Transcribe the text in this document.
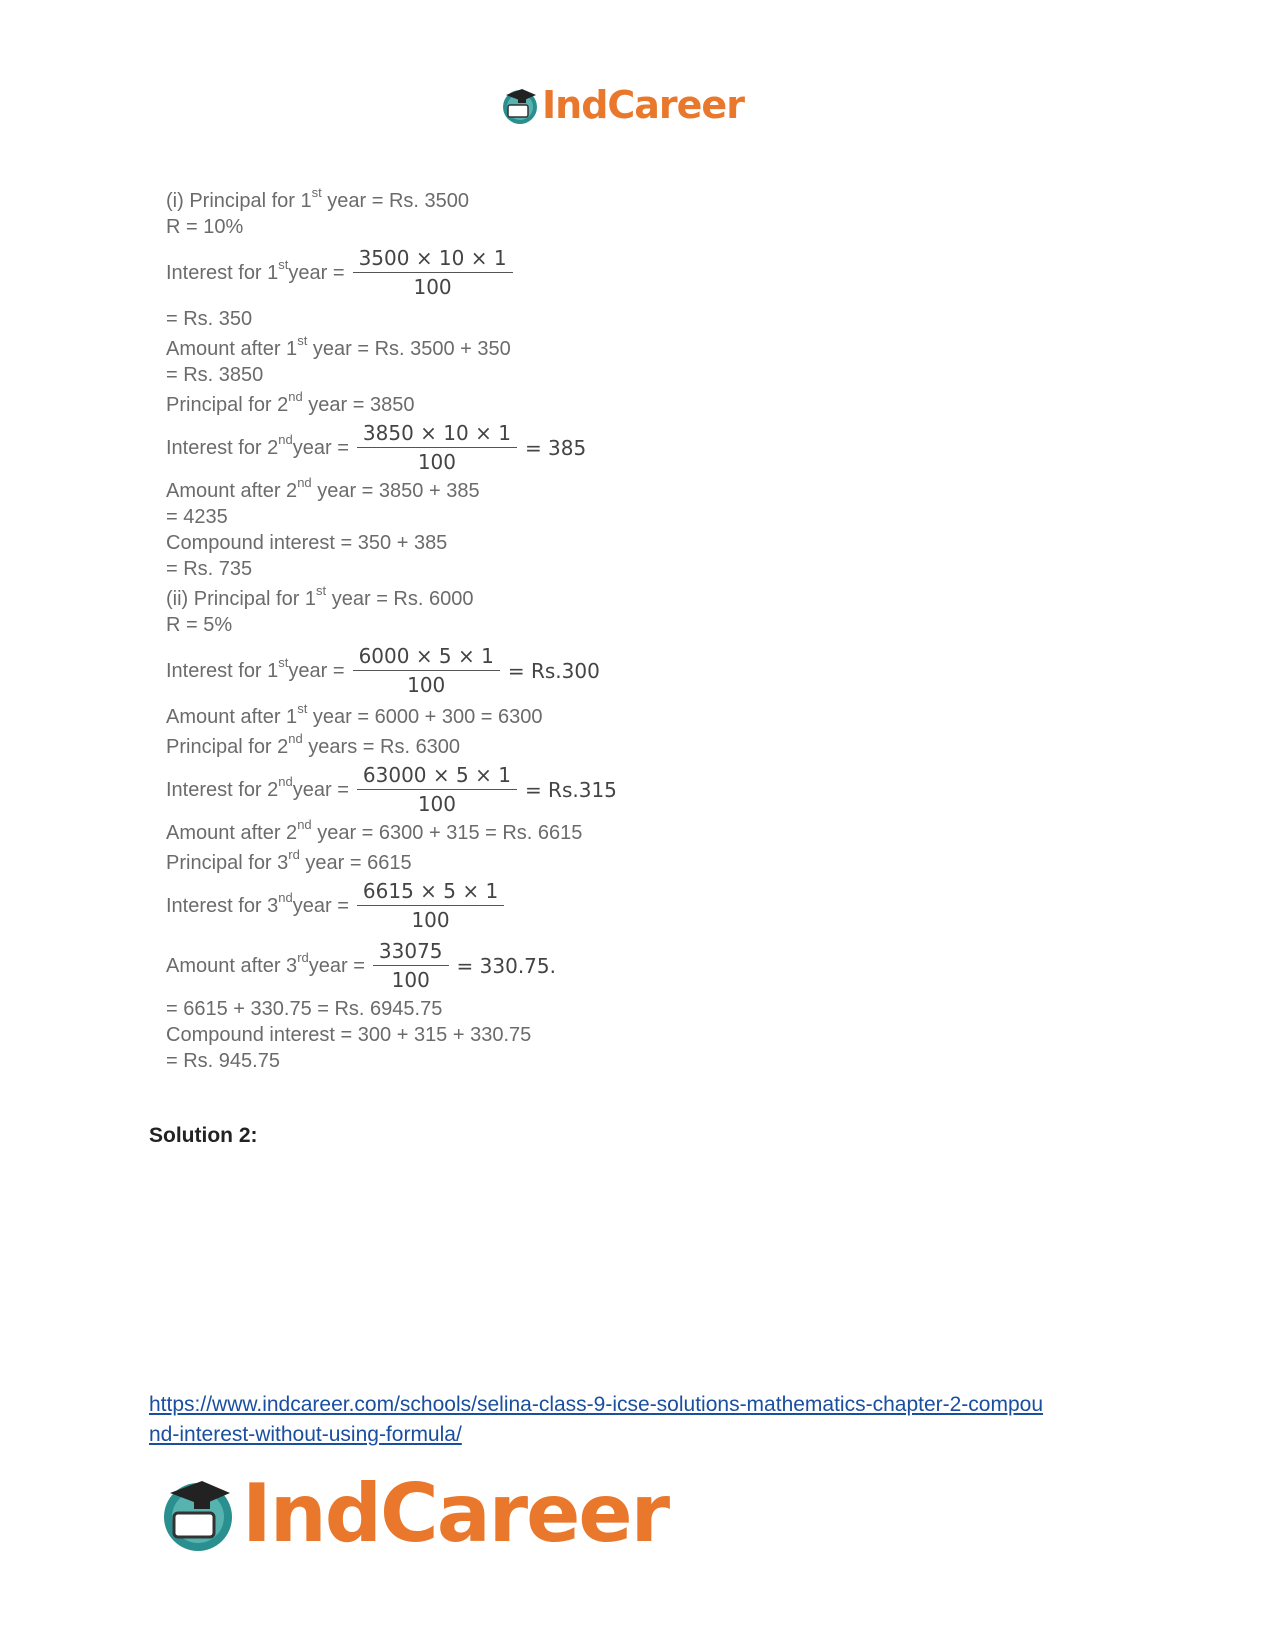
IndCareer
(i) Principal for 1st year = Rs. 3500
R = 10%
Interest for 1st year = $\frac{3500 \times 10 \times 1}{100}$
= Rs. 350
Amount after 1st year = Rs. 3500 + 350
= Rs. 3850
Principal for 2nd year = 3850
Interest for 2nd year = $\frac{3850 \times 10 \times 1}{100} = 385$
Amount after 2nd year = 3850 + 385
= 4235
Compound interest = 350 + 385
= Rs. 735
(ii) Principal for 1st year = Rs. 6000
R = 5%
Interest for 1st year = $\frac{6000 \times 5 \times 1}{100} = Rs.300$
Amount after 1st year = 6000 + 300 = 6300
Principal for 2nd years = Rs. 6300
Interest for 2nd year = $\frac{63000 \times 5 \times 1}{100} = Rs.315$
Amount after 2nd year = 6300 + 315 = Rs. 6615
Principal for 3rd year = 6615
Interest for 3nd year = $\frac{6615 \times 5 \times 1}{100}$
Amount after 3rd year = $\frac{33075}{100} = 330.75$.
= 6615 + 330.75 = Rs. 6945.75
Compound interest = 300 + 315 + 330.75
= Rs. 945.75
Solution 2:
https://www.indcareer.com/schools/selina-class-9-icse-solutions-mathematics-chapter-2-compou
nd-interest-without-using-formula/
IndCareer
